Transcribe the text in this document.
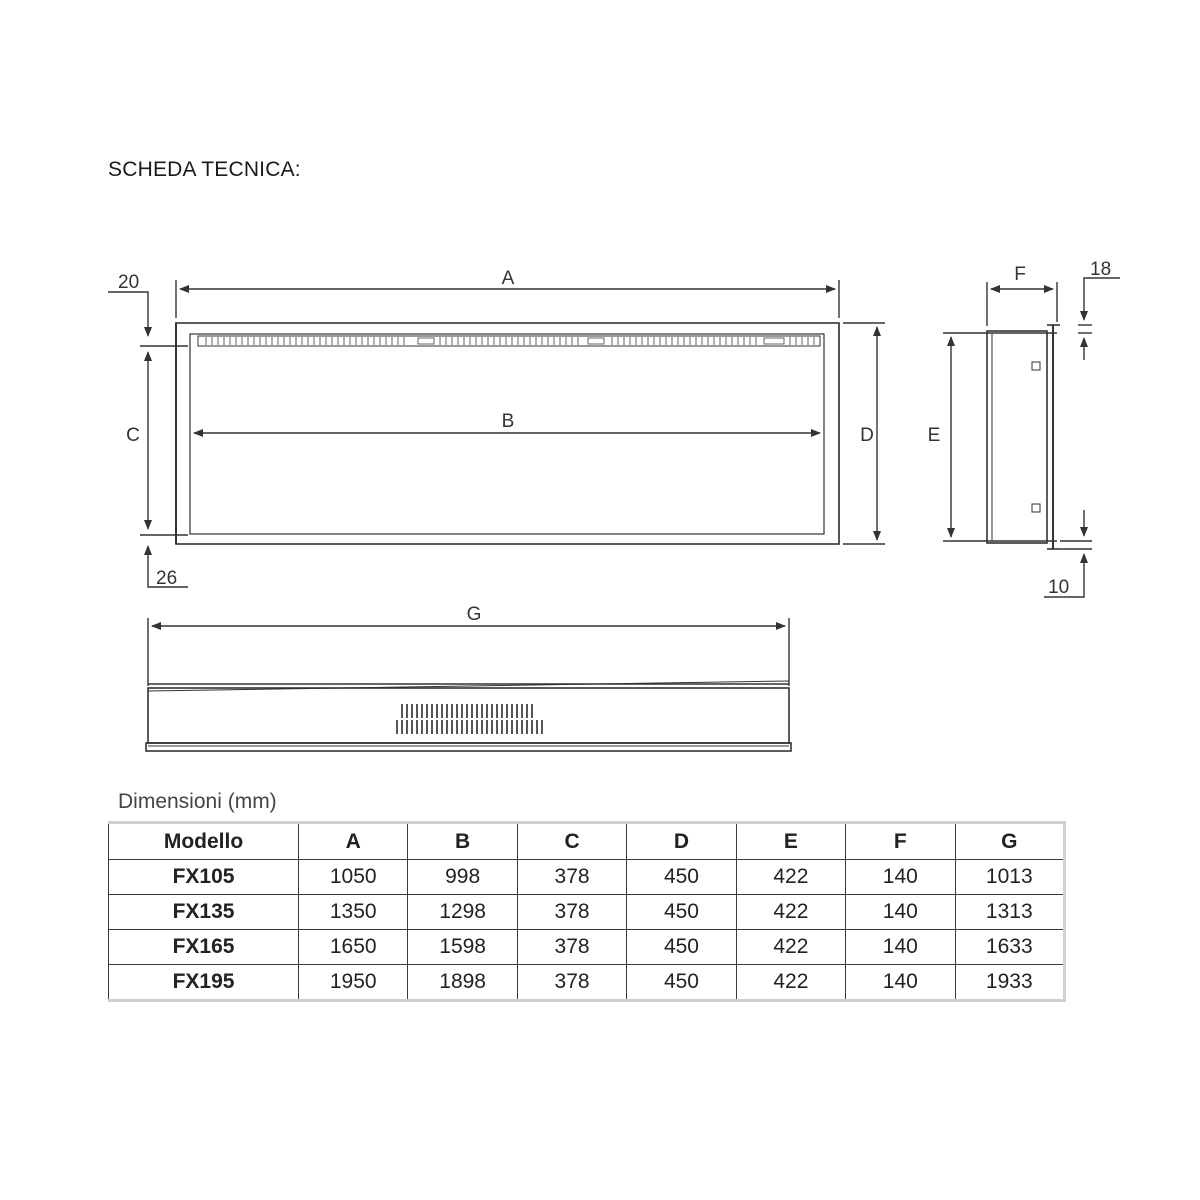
SCHEDA TECNICA:
A
B
C
20
26
D	E
F	18
10
G
Dimensioni (mm)
Modello	A	B	C	D	E	F	G
FX105	1050	998	378	450	422	140	1013
FX135	1350	1298	378	450	422	140	1313
FX165	1650	1598	378	450	422	140	1633
FX195	1950	1898	378	450	422	140	1933
